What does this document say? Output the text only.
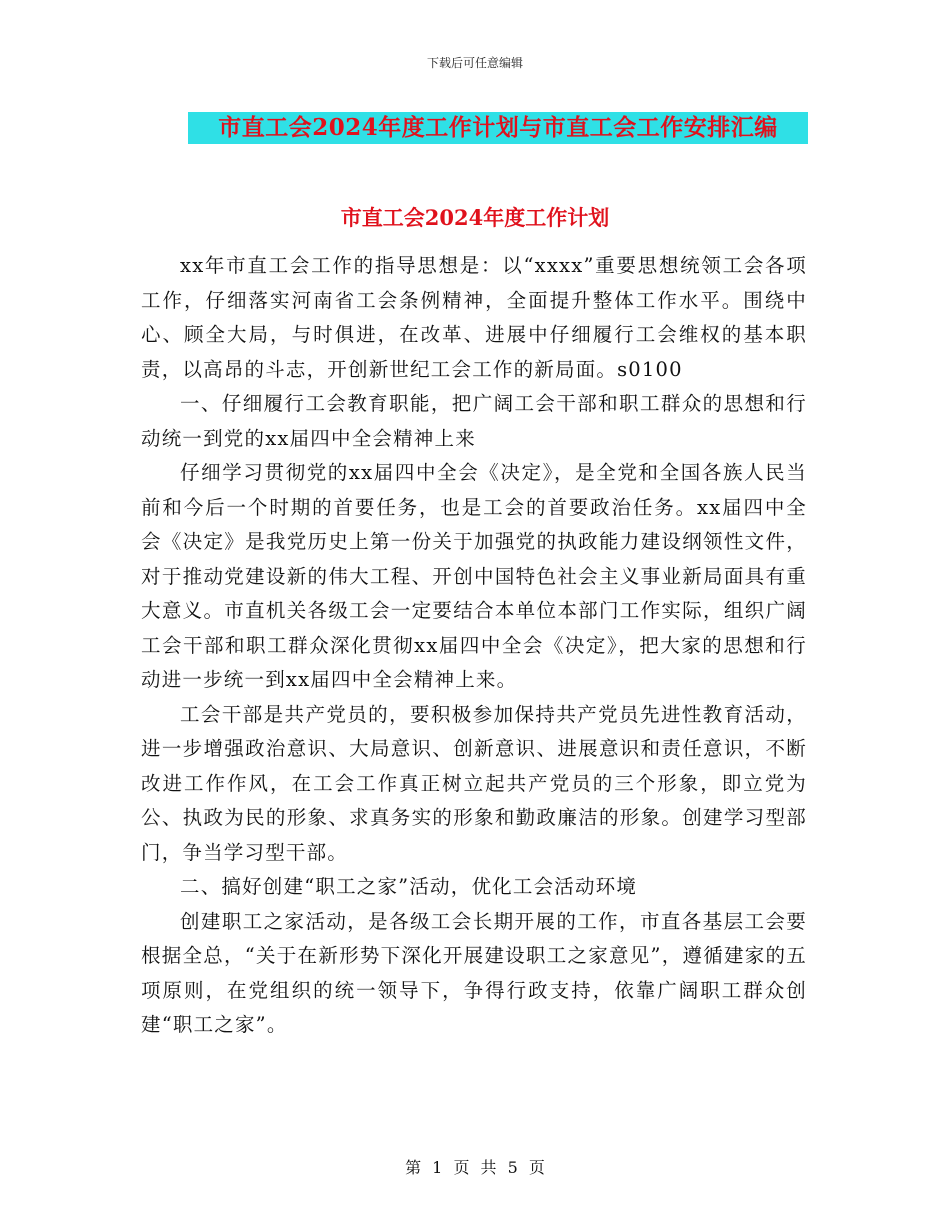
下载后可任意编辑
市直工会2024年度工作计划与市直工会工作安排汇编
市直工会2024年度工作计划

xx年市直工会工作的指导思想是：以“xxxx”重要思想统领工会各项工作，仔细落实河南省工会条例精神，全面提升整体工作水平。围绕中心、顾全大局，与时俱进，在改革、进展中仔细履行工会维权的基本职责，以高昂的斗志，开创新世纪工会工作的新局面。s0100

一、仔细履行工会教育职能，把广阔工会干部和职工群众的思想和行动统一到党的xx届四中全会精神上来

仔细学习贯彻党的xx届四中全会《决定》，是全党和全国各族人民当前和今后一个时期的首要任务，也是工会的首要政治任务。xx届四中全会《决定》是我党历史上第一份关于加强党的执政能力建设纲领性文件，对于推动党建设新的伟大工程、开创中国特色社会主义事业新局面具有重大意义。市直机关各级工会一定要结合本单位本部门工作实际，组织广阔工会干部和职工群众深化贯彻xx届四中全会《决定》，把大家的思想和行动进一步统一到xx届四中全会精神上来。

工会干部是共产党员的，要积极参加保持共产党员先进性教育活动，进一步增强政治意识、大局意识、创新意识、进展意识和责任意识，不断改进工作作风，在工会工作真正树立起共产党员的三个形象，即立党为公、执政为民的形象、求真务实的形象和勤政廉洁的形象。创建学习型部门，争当学习型干部。

二、搞好创建“职工之家”活动，优化工会活动环境

创建职工之家活动，是各级工会长期开展的工作，市直各基层工会要根据全总，“关于在新形势下深化开展建设职工之家意见”，遵循建家的五项原则，在党组织的统一领导下，争得行政支持，依靠广阔职工群众创建“职工之家”。

第 1 页 共 5 页
